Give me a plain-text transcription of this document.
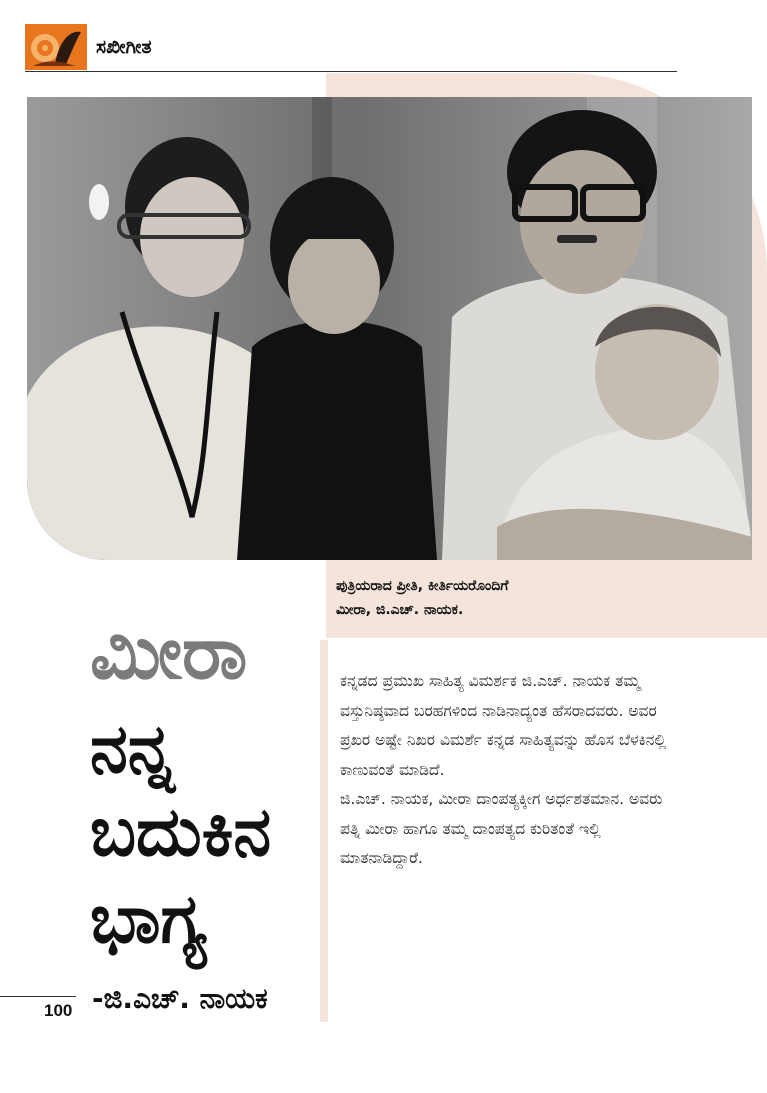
ಸಖೀಗೀತ
ಪುತ್ರಿಯರಾದ ಪ್ರೀತಿ, ಕೀರ್ತಿಯರೊಂದಿಗೆ
ಮೀರಾ, ಜಿ.ಎಚ್. ನಾಯಕ.
ಮೀರಾ
ನನ್ನ
ಬದುಕಿನ
ಭಾಗ್ಯ
-ಜಿ.ಎಚ್. ನಾಯಕ
100

ಕನ್ನಡದ ಪ್ರಮುಖ ಸಾಹಿತ್ಯ ವಿಮರ್ಶಕ ಜಿ.ಎಚ್. ನಾಯಕ ತಮ್ಮ ವಸ್ತುನಿಷ್ಠವಾದ ಬರಹಗಳಿಂದ ನಾಡಿನಾದ್ಯಂತ ಹೆಸರಾದವರು. ಅವರ ಪ್ರಖರ ಅಷ್ಟೇ ನಿಖರ ವಿಮರ್ಶೆ ಕನ್ನಡ ಸಾಹಿತ್ಯವನ್ನು ಹೊಸ ಬೆಳಕಿನಲ್ಲಿ ಕಾಣುವಂತೆ ಮಾಡಿದೆ.

ಜಿ.ಎಚ್. ನಾಯಕ, ಮೀರಾ ದಾಂಪತ್ಯಕ್ಕೀಗ ಅರ್ಧಶತಮಾನ. ಅವರು ಪತ್ನಿ ಮೀರಾ ಹಾಗೂ ತಮ್ಮ ದಾಂಪತ್ಯದ ಕುರಿತಂತೆ ಇಲ್ಲಿ ಮಾತನಾಡಿದ್ದಾರೆ.
